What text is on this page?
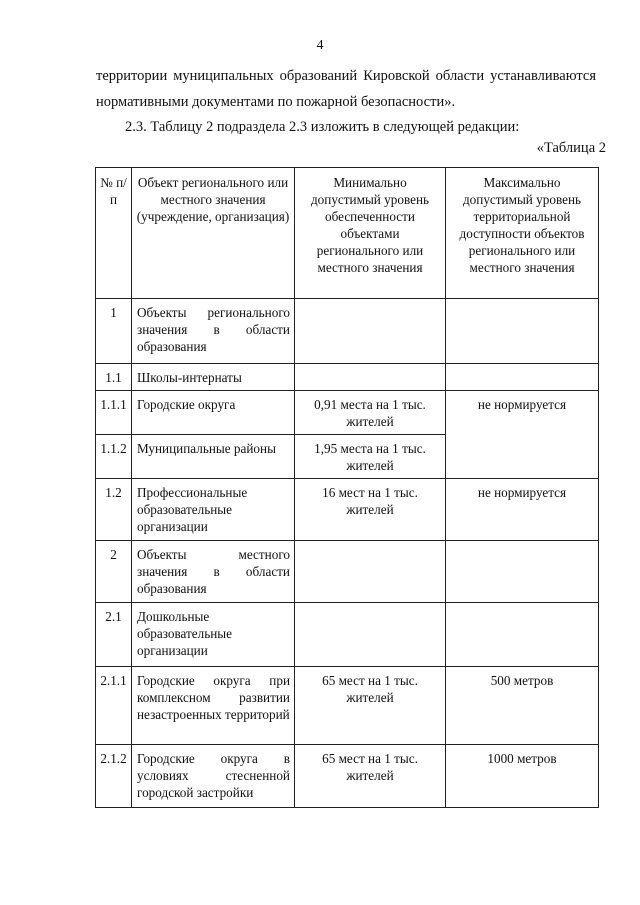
4
территории муниципальных образований Кировской области устанавливаются нормативными документами по пожарной безопасности».
2.3. Таблицу 2 подраздела 2.3 изложить в следующей редакции:
«Таблица 2
№ п/п	Объект регионального или местного значения (учреждение, организация)	Минимально допустимый уровень обеспеченности объектами регионального или местного значения	Максимально допустимый уровень территориальной доступности объектов регионального или местного значения
1	Объекты регионального значения в области образования		
1.1	Школы-интернаты		
1.1.1	Городские округа	0,91 места на 1 тыс. жителей	не нормируется
1.1.2	Муниципальные районы	1,95 места на 1 тыс. жителей	
1.2	Профессиональные образовательные организации	16 мест на 1 тыс. жителей	не нормируется
2	Объекты местного значения в области образования		
2.1	Дошкольные образовательные организации		
2.1.1	Городские округа при комплексном развитии незастроенных территорий	65 мест на 1 тыс. жителей	500 метров
2.1.2	Городские округа в условиях стесненной городской застройки	65 мест на 1 тыс. жителей	1000 метров
